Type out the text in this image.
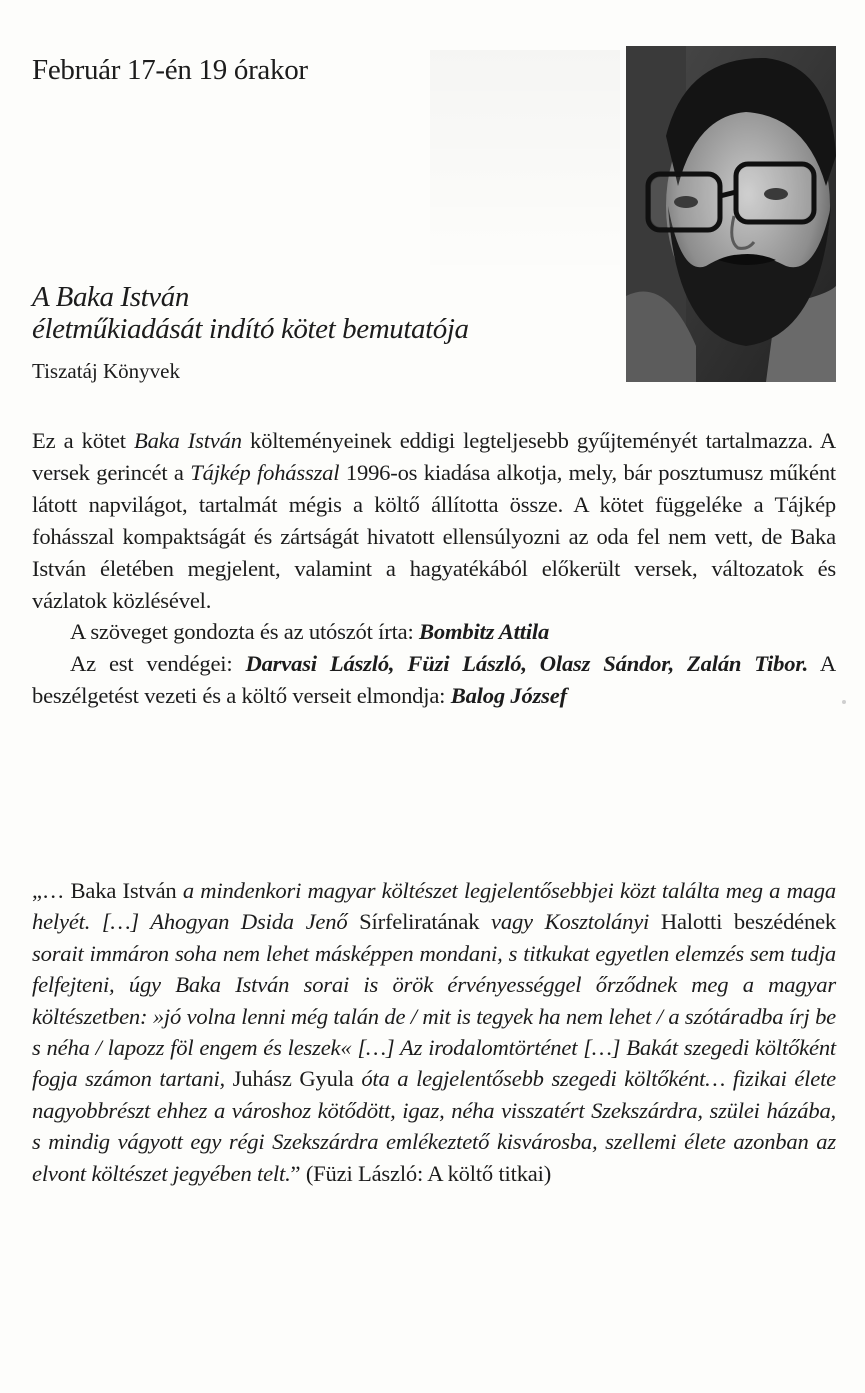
Február 17-én 19 órakor
A Baka István
életműkiadását indító kötet bemutatója
Tiszatáj Könyvek

Ez a kötet Baka István költeményeinek eddigi legteljesebb gyűjteményét tartalmazza. A versek gerincét a Tájkép fohásszal 1996-os kiadása alkotja, mely, bár posztumusz műként látott napvilágot, tartalmát mégis a költő állította össze. A kötet függeléke a Tájkép fohásszal kompaktságát és zártságát hivatott ellensúlyozni az oda fel nem vett, de Baka István életében megjelent, valamint a hagyatékából előkerült versek, változatok és vázlatok közlésével.

A szöveget gondozta és az utószót írta: Bombitz Attila

Az est vendégei: Darvasi László, Füzi László, Olasz Sándor, Zalán Tibor. A beszélgetést vezeti és a költő verseit elmondja: Balog József

„… Baka István a mindenkori magyar költészet legjelentősebbjei közt találta meg a maga helyét. […] Ahogyan Dsida Jenő Sírfeliratának vagy Kosztolányi Halotti beszédének sorait immáron soha nem lehet másképpen mondani, s titkukat egyetlen elemzés sem tudja felfejteni, úgy Baka István sorai is örök érvényességgel őrződnek meg a magyar költészetben: »jó volna lenni még talán de / mit is tegyek ha nem lehet / a szótáradba írj be s néha / lapozz föl engem és leszek« […] Az irodalomtörténet […] Bakát szegedi költőként fogja számon tartani, Juhász Gyula óta a legjelentősebb szegedi költőként… fizikai élete nagyobbrészt ehhez a városhoz kötődött, igaz, néha visszatért Szekszárdra, szülei házába, s mindig vágyott egy régi Szekszárdra emlékeztető kisvárosba, szellemi élete azonban az elvont költészet jegyében telt.” (Füzi László: A költő titkai)
